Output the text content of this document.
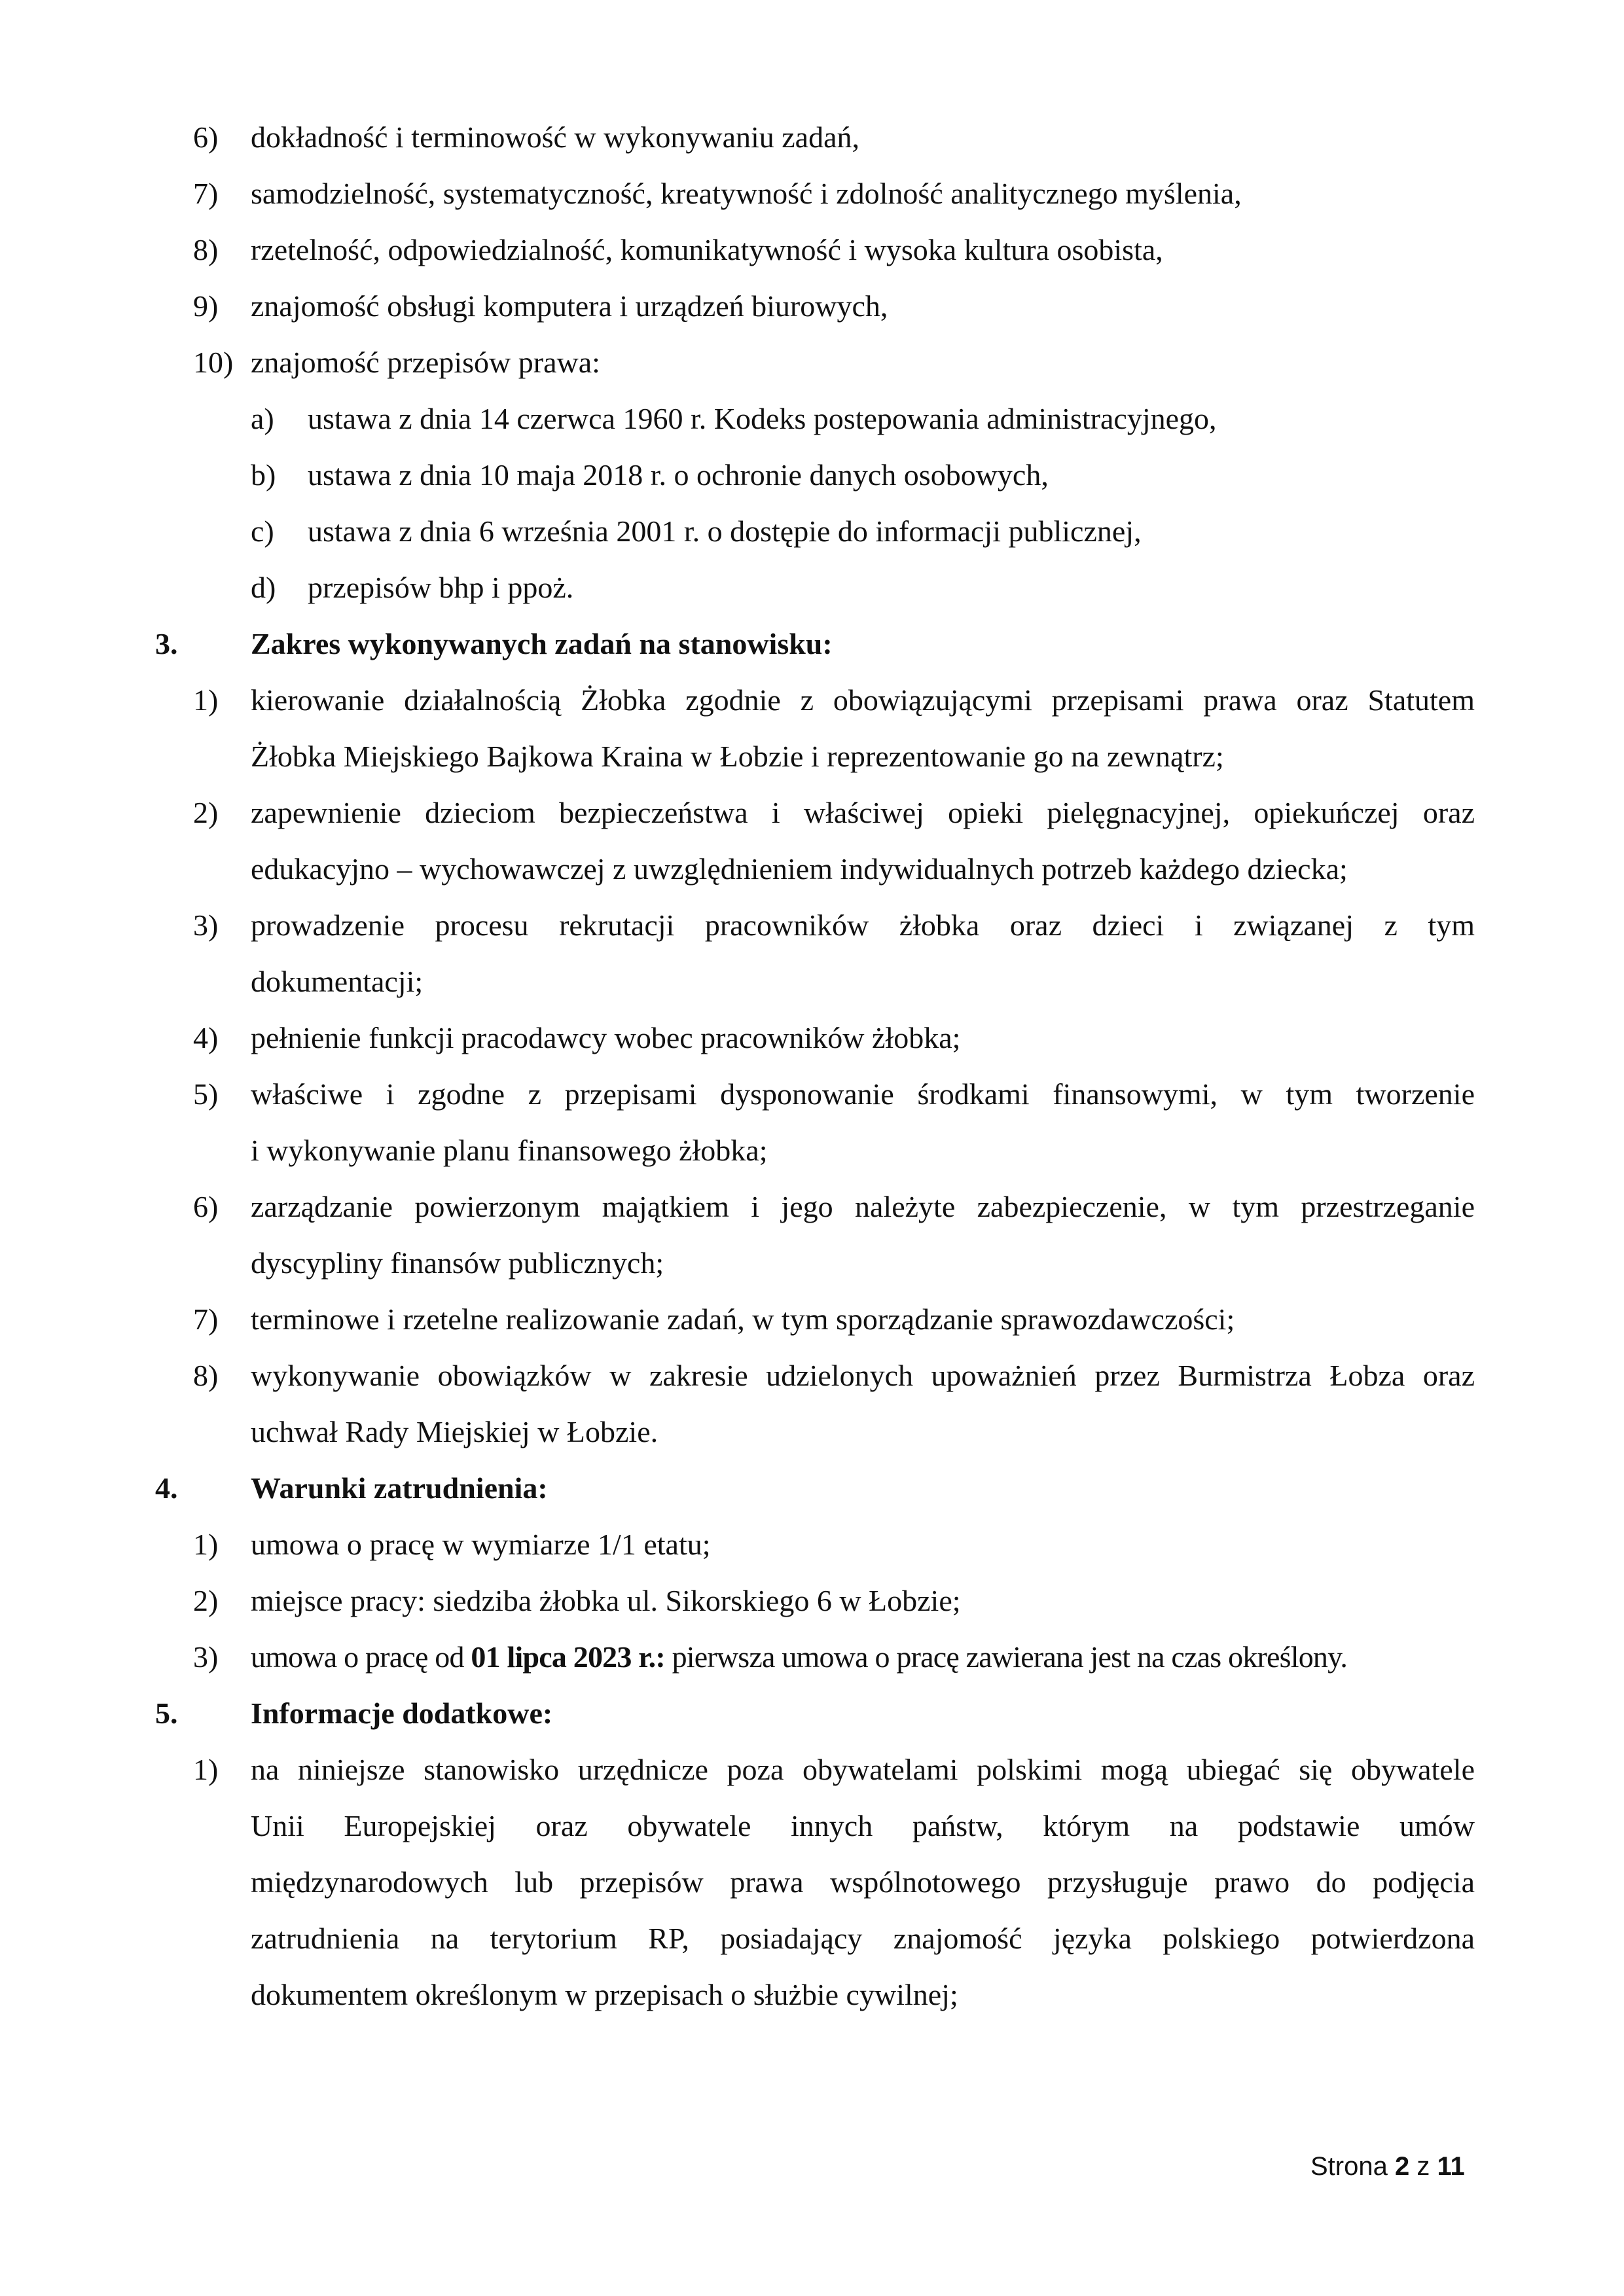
6) dokładność i terminowość w wykonywaniu zadań,
7) samodzielność, systematyczność, kreatywność i zdolność analitycznego myślenia,
8) rzetelność, odpowiedzialność, komunikatywność i wysoka kultura osobista,
9) znajomość obsługi komputera i urządzeń biurowych,
10) znajomość przepisów prawa:
a) ustawa z dnia 14 czerwca 1960 r. Kodeks postepowania administracyjnego,
b) ustawa z dnia 10 maja 2018 r. o ochronie danych osobowych,
c) ustawa z dnia 6 września 2001 r. o dostępie do informacji publicznej,
d) przepisów bhp i ppoż.
3. Zakres wykonywanych zadań na stanowisku:
1) kierowanie działalnością Żłobka zgodnie z obowiązującymi przepisami prawa oraz Statutem
Żłobka Miejskiego Bajkowa Kraina w Łobzie i reprezentowanie go na zewnątrz;
2) zapewnienie dzieciom bezpieczeństwa i właściwej opieki pielęgnacyjnej, opiekuńczej oraz
edukacyjno – wychowawczej z uwzględnieniem indywidualnych potrzeb każdego dziecka;
3) prowadzenie procesu rekrutacji pracowników żłobka oraz dzieci i związanej z tym
dokumentacji;
4) pełnienie funkcji pracodawcy wobec pracowników żłobka;
5) właściwe i zgodne z przepisami dysponowanie środkami finansowymi, w tym tworzenie
i wykonywanie planu finansowego żłobka;
6) zarządzanie powierzonym majątkiem i jego należyte zabezpieczenie, w tym przestrzeganie
dyscypliny finansów publicznych;
7) terminowe i rzetelne realizowanie zadań, w tym sporządzanie sprawozdawczości;
8) wykonywanie obowiązków w zakresie udzielonych upoważnień przez Burmistrza Łobza oraz
uchwał Rady Miejskiej w Łobzie.
4. Warunki zatrudnienia:
1) umowa o pracę w wymiarze 1/1 etatu;
2) miejsce pracy: siedziba żłobka ul. Sikorskiego 6 w Łobzie;
3) umowa o pracę od 01 lipca 2023 r.: pierwsza umowa o pracę zawierana jest na czas określony.
5. Informacje dodatkowe:
1) na niniejsze stanowisko urzędnicze poza obywatelami polskimi mogą ubiegać się obywatele
Unii Europejskiej oraz obywatele innych państw, którym na podstawie umów
międzynarodowych lub przepisów prawa wspólnotowego przysługuje prawo do podjęcia
zatrudnienia na terytorium RP, posiadający znajomość języka polskiego potwierdzona
dokumentem określonym w przepisach o służbie cywilnej;
Strona 2 z 11
